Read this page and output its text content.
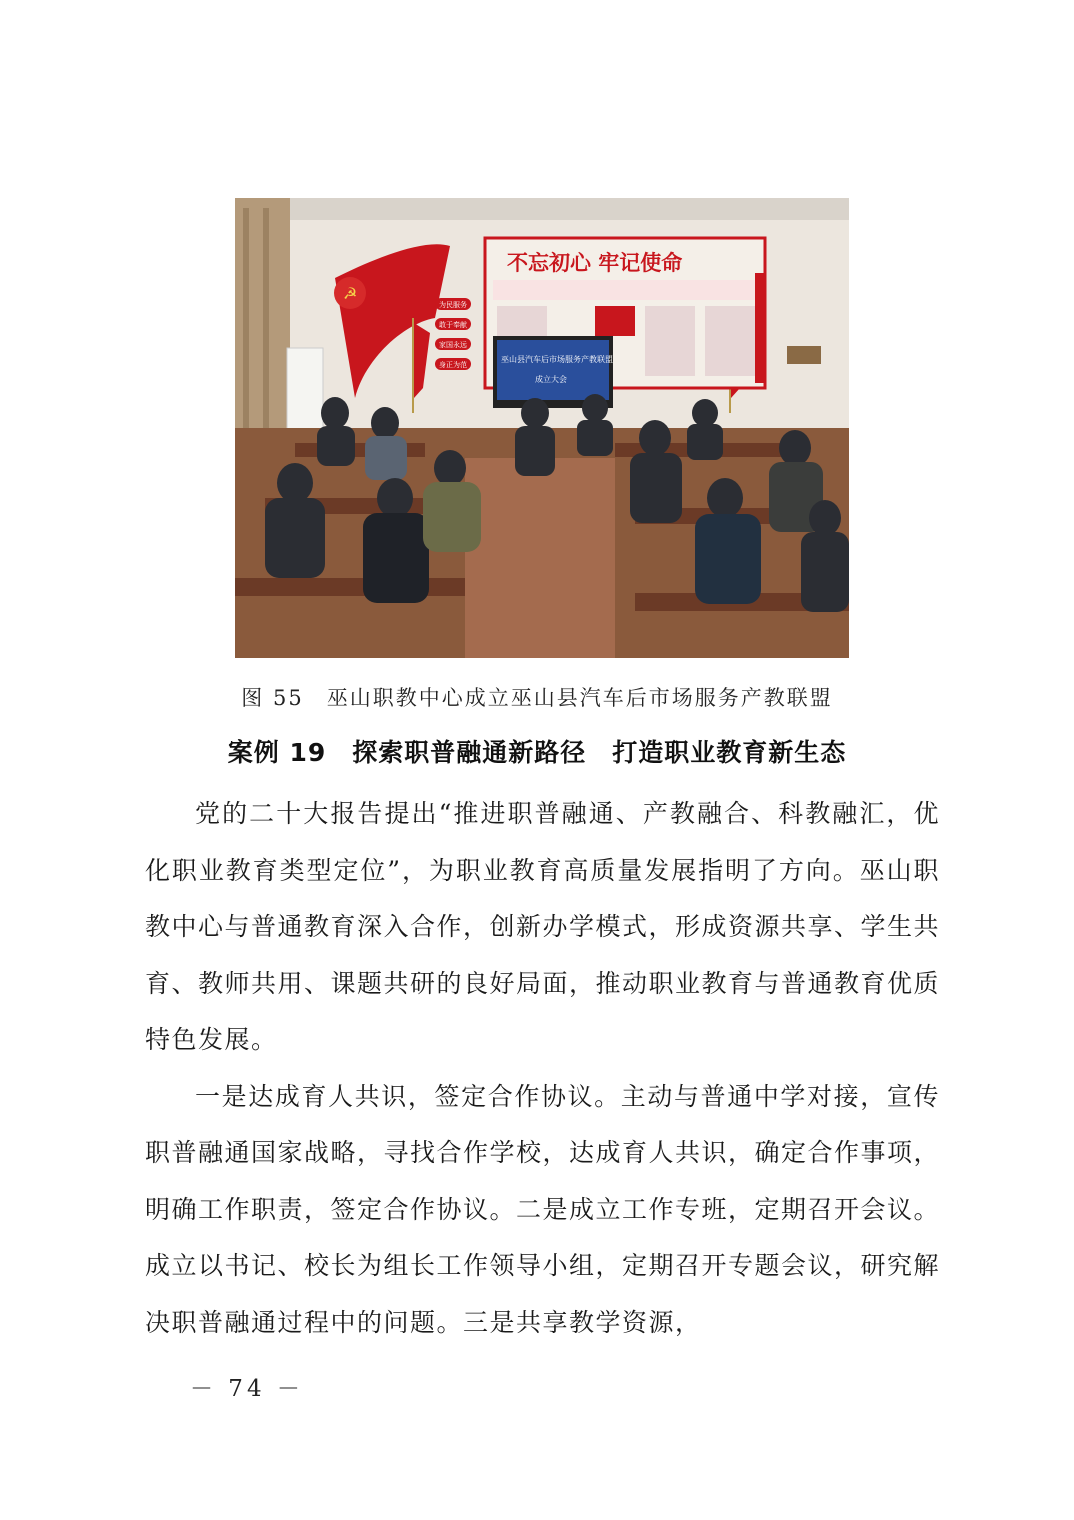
☭
为民服务
敢于奉献
家国永远
身正为范
不忘初心 牢记使命
巫山县汽车后市场服务产教联盟
成立大会
图 55　巫山职教中心成立巫山县汽车后市场服务产教联盟
案例 19　探索职普融通新路径　打造职业教育新生态

党的二十大报告提出“推进职普融通、产教融合、科教融汇，优化职业教育类型定位”，为职业教育高质量发展指明了方向。巫山职教中心与普通教育深入合作，创新办学模式，形成资源共享、学生共育、教师共用、课题共研的良好局面，推动职业教育与普通教育优质特色发展。

一是达成育人共识，签定合作协议。主动与普通中学对接，宣传职普融通国家战略，寻找合作学校，达成育人共识，确定合作事项，明确工作职责，签定合作协议。二是成立工作专班，定期召开会议。成立以书记、校长为组长工作领导小组，定期召开专题会议，研究解决职普融通过程中的问题。三是共享教学资源，

－ 74 －
